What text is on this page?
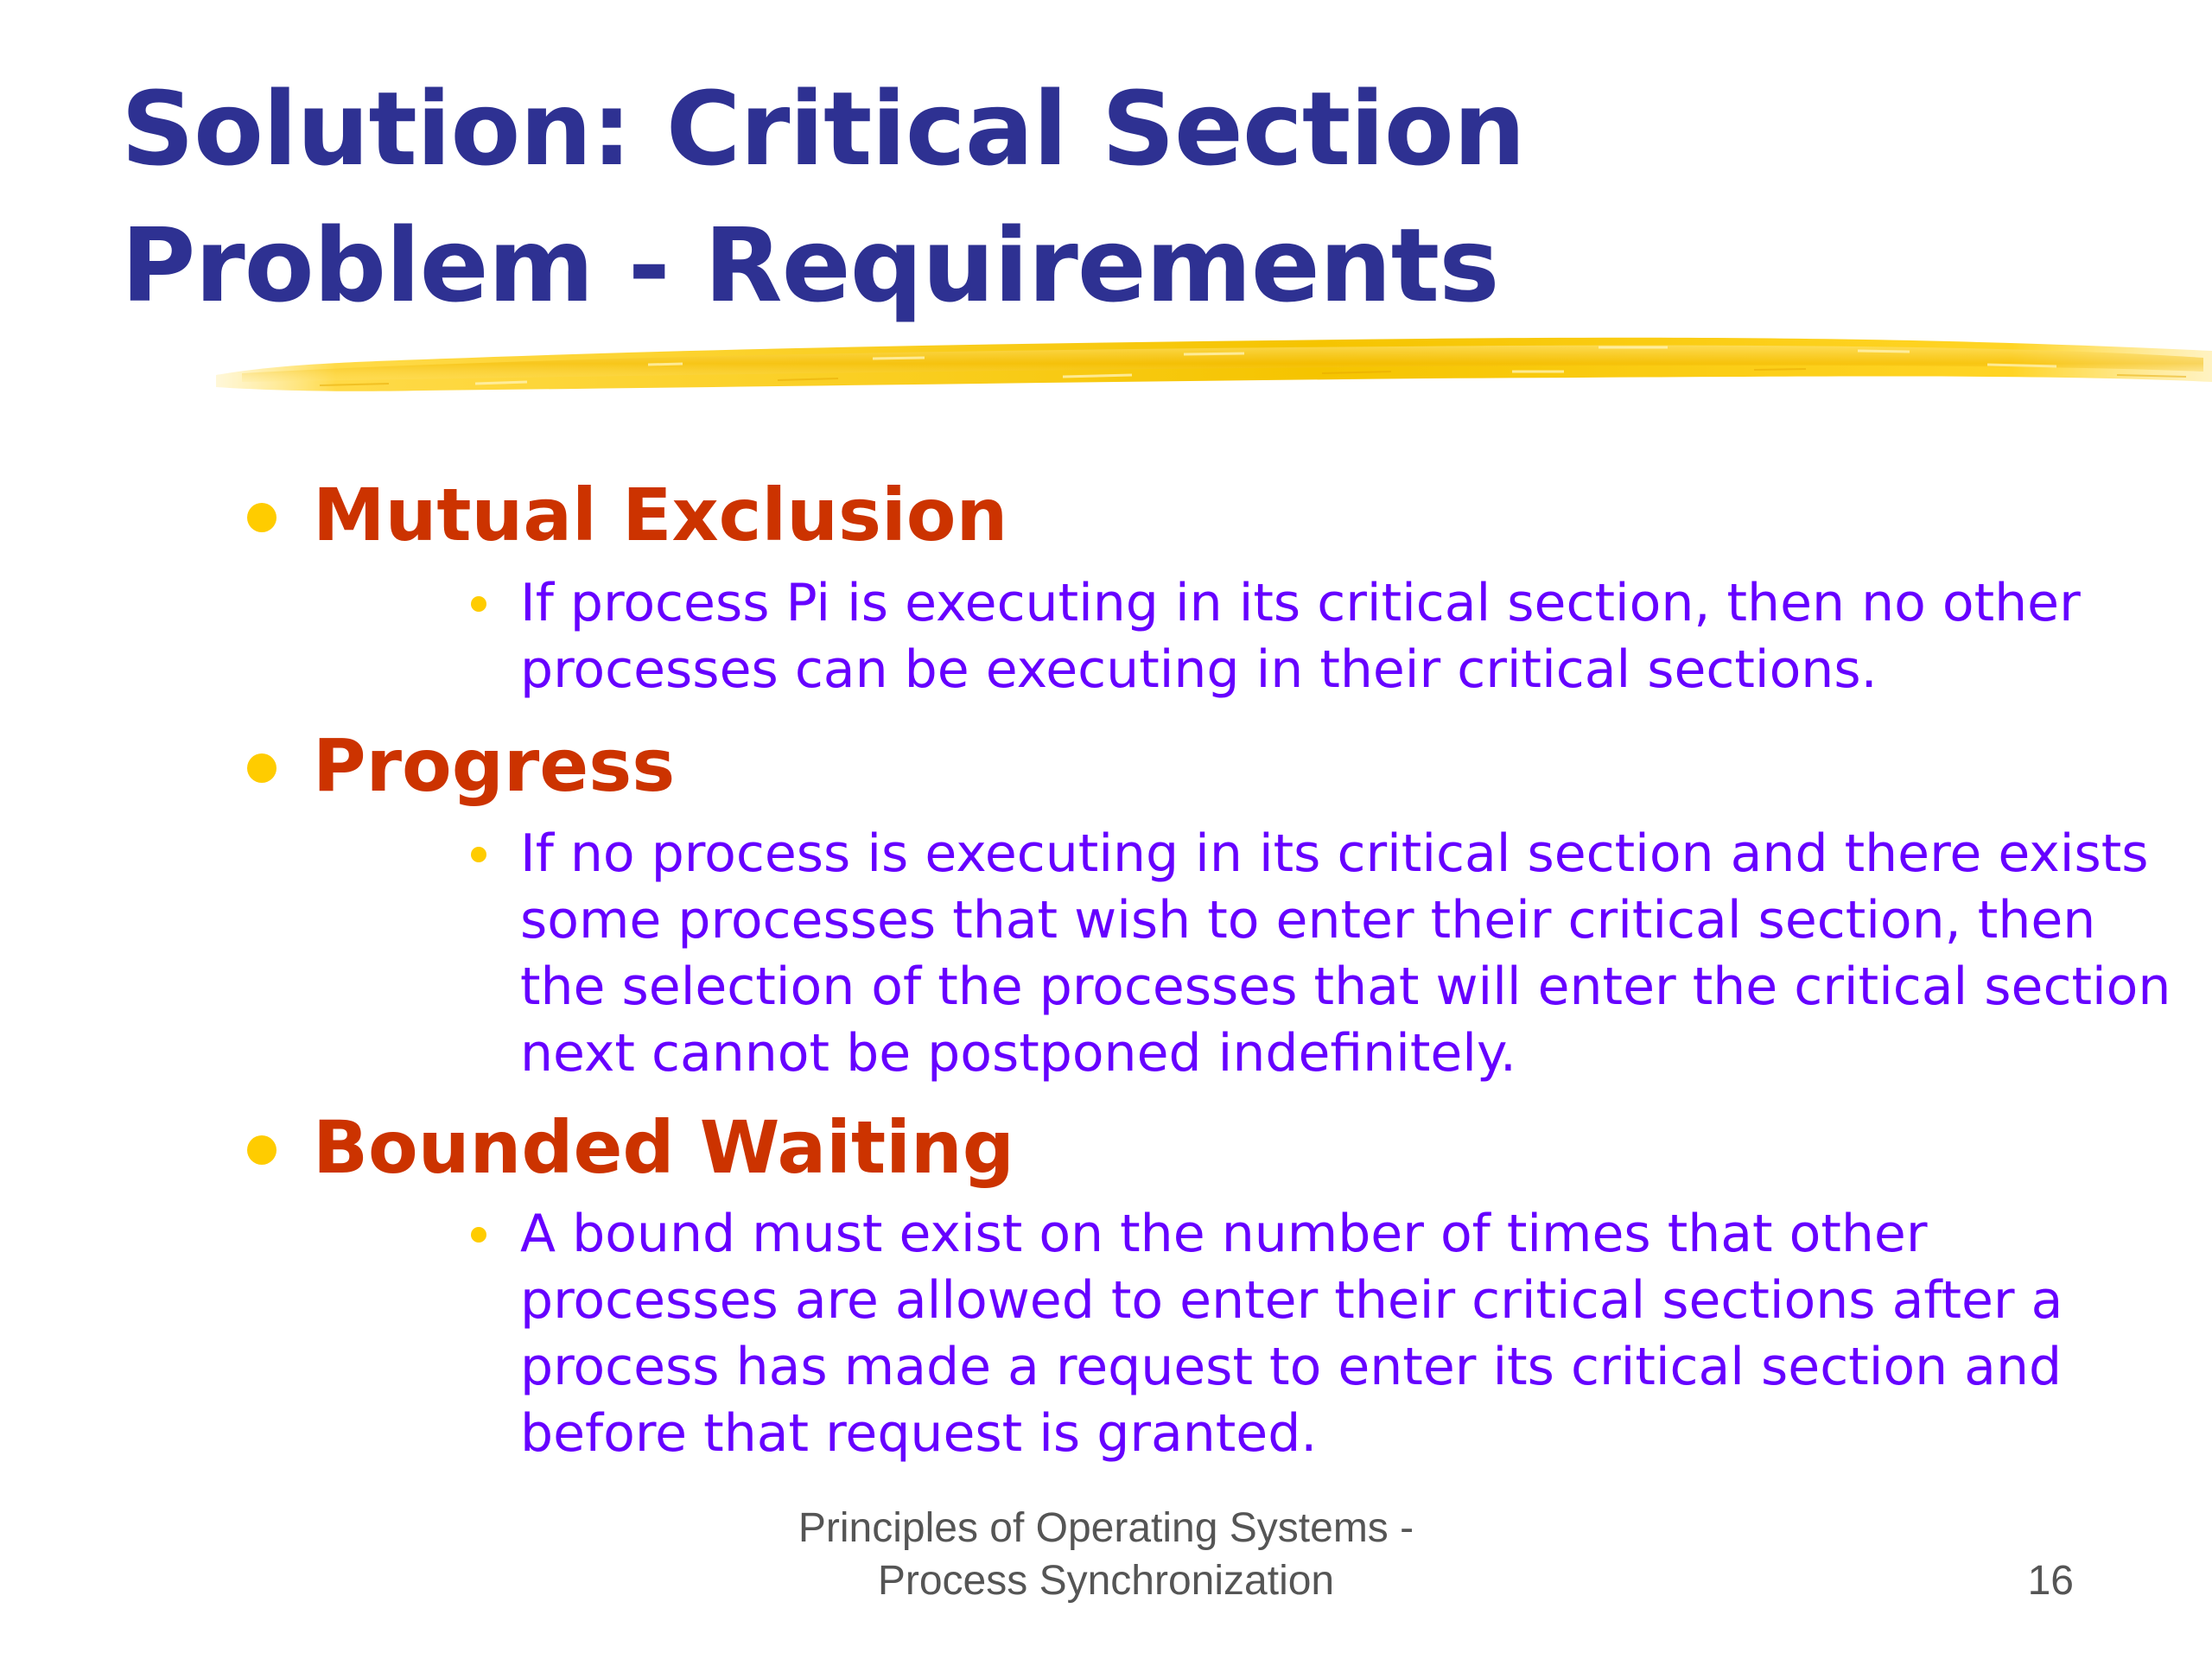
Solution: Critical Section
Problem - Requirements
Mutual Exclusion
If process Pi is executing in its critical section, then no other
processes can be executing in their critical sections.
Progress
If no process is executing in its critical section and there exists
some processes that wish to enter their critical section, then
the selection of the processes that will enter the critical section
next cannot be postponed indefinitely.
Bounded Waiting
A bound must exist on the number of times that other
processes are allowed to enter their critical sections after a
process has made a request to enter its critical section and
before that request is granted.
Principles of Operating Systems -
Process Synchronization	16
